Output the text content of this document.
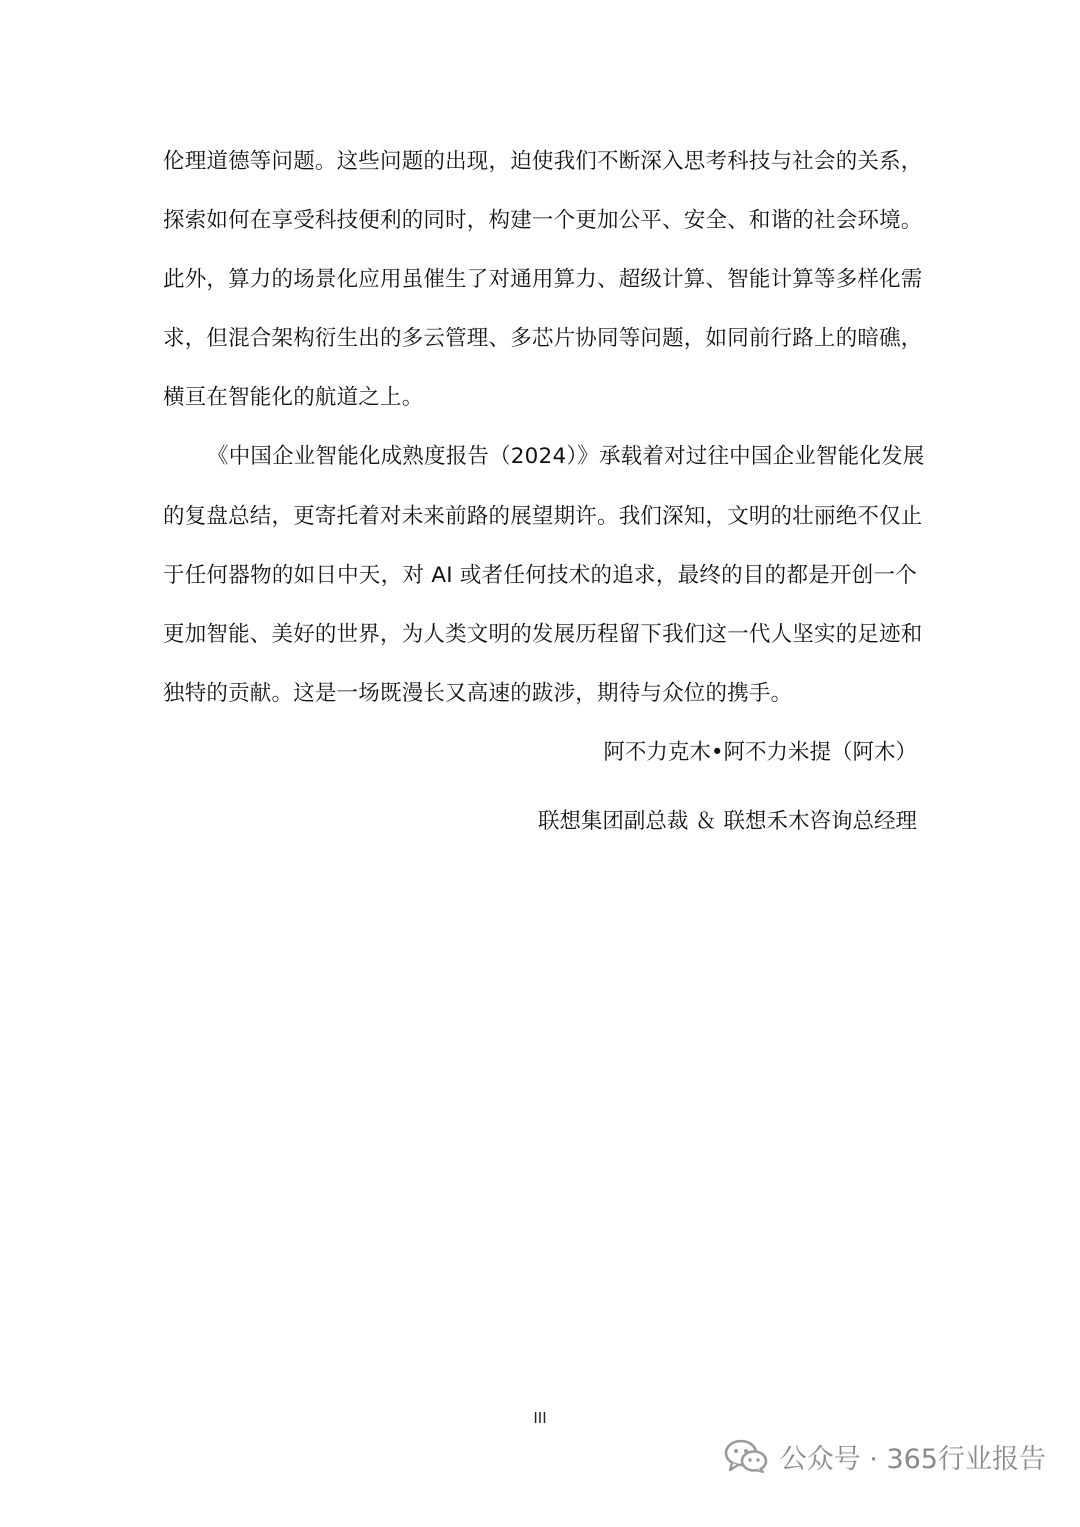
伦理道德等问题。这些问题的出现，迫使我们不断深入思考科技与社会的关系，
探索如何在享受科技便利的同时，构建一个更加公平、安全、和谐的社会环境。
此外，算力的场景化应用虽催生了对通用算力、超级计算、智能计算等多样化需
求，但混合架构衍生出的多云管理、多芯片协同等问题，如同前行路上的暗礁，
横亘在智能化的航道之上。
《中国企业智能化成熟度报告（2024）》承载着对过往中国企业智能化发展
的复盘总结，更寄托着对未来前路的展望期许。我们深知，文明的壮丽绝不仅止
于任何器物的如日中天，对 AI 或者任何技术的追求，最终的目的都是开创一个
更加智能、美好的世界，为人类文明的发展历程留下我们这一代人坚实的足迹和
独特的贡献。这是一场既漫长又高速的跋涉，期待与众位的携手。
阿不力克木•阿不力米提（阿木）
联想集团副总裁 ＆ 联想禾木咨询总经理
III
公众号 · 365行业报告
